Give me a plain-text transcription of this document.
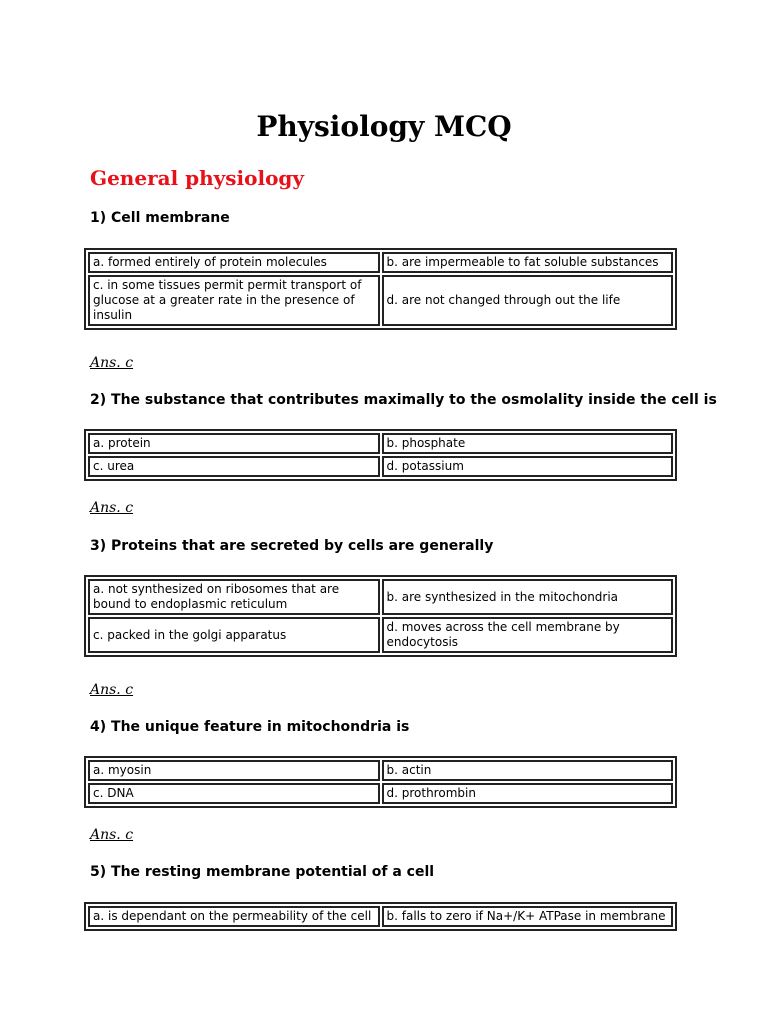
Physiology MCQ
General physiology
1) Cell membrane
a. formed entirely of protein molecules	b. are impermeable to fat soluble substances
c. in some tissues permit permit transport of glucose at a greater rate in the presence of insulin	d. are not changed through out the life
Ans. c
2) The substance that contributes maximally to the osmolality inside the cell is
a. protein	b. phosphate
c. urea	d. potassium
Ans. c
3) Proteins that are secreted by cells are generally
a. not synthesized on ribosomes that are bound to endoplasmic reticulum	b. are synthesized in the mitochondria
c. packed in the golgi apparatus	d. moves across the cell membrane by endocytosis
Ans. c
4) The unique feature in mitochondria is
a. myosin	b. actin
c. DNA	d. prothrombin
Ans. c
5) The resting membrane potential of a cell
a. is dependant on the permeability of the cell	b. falls to zero if Na+/K+ ATPase in membrane
